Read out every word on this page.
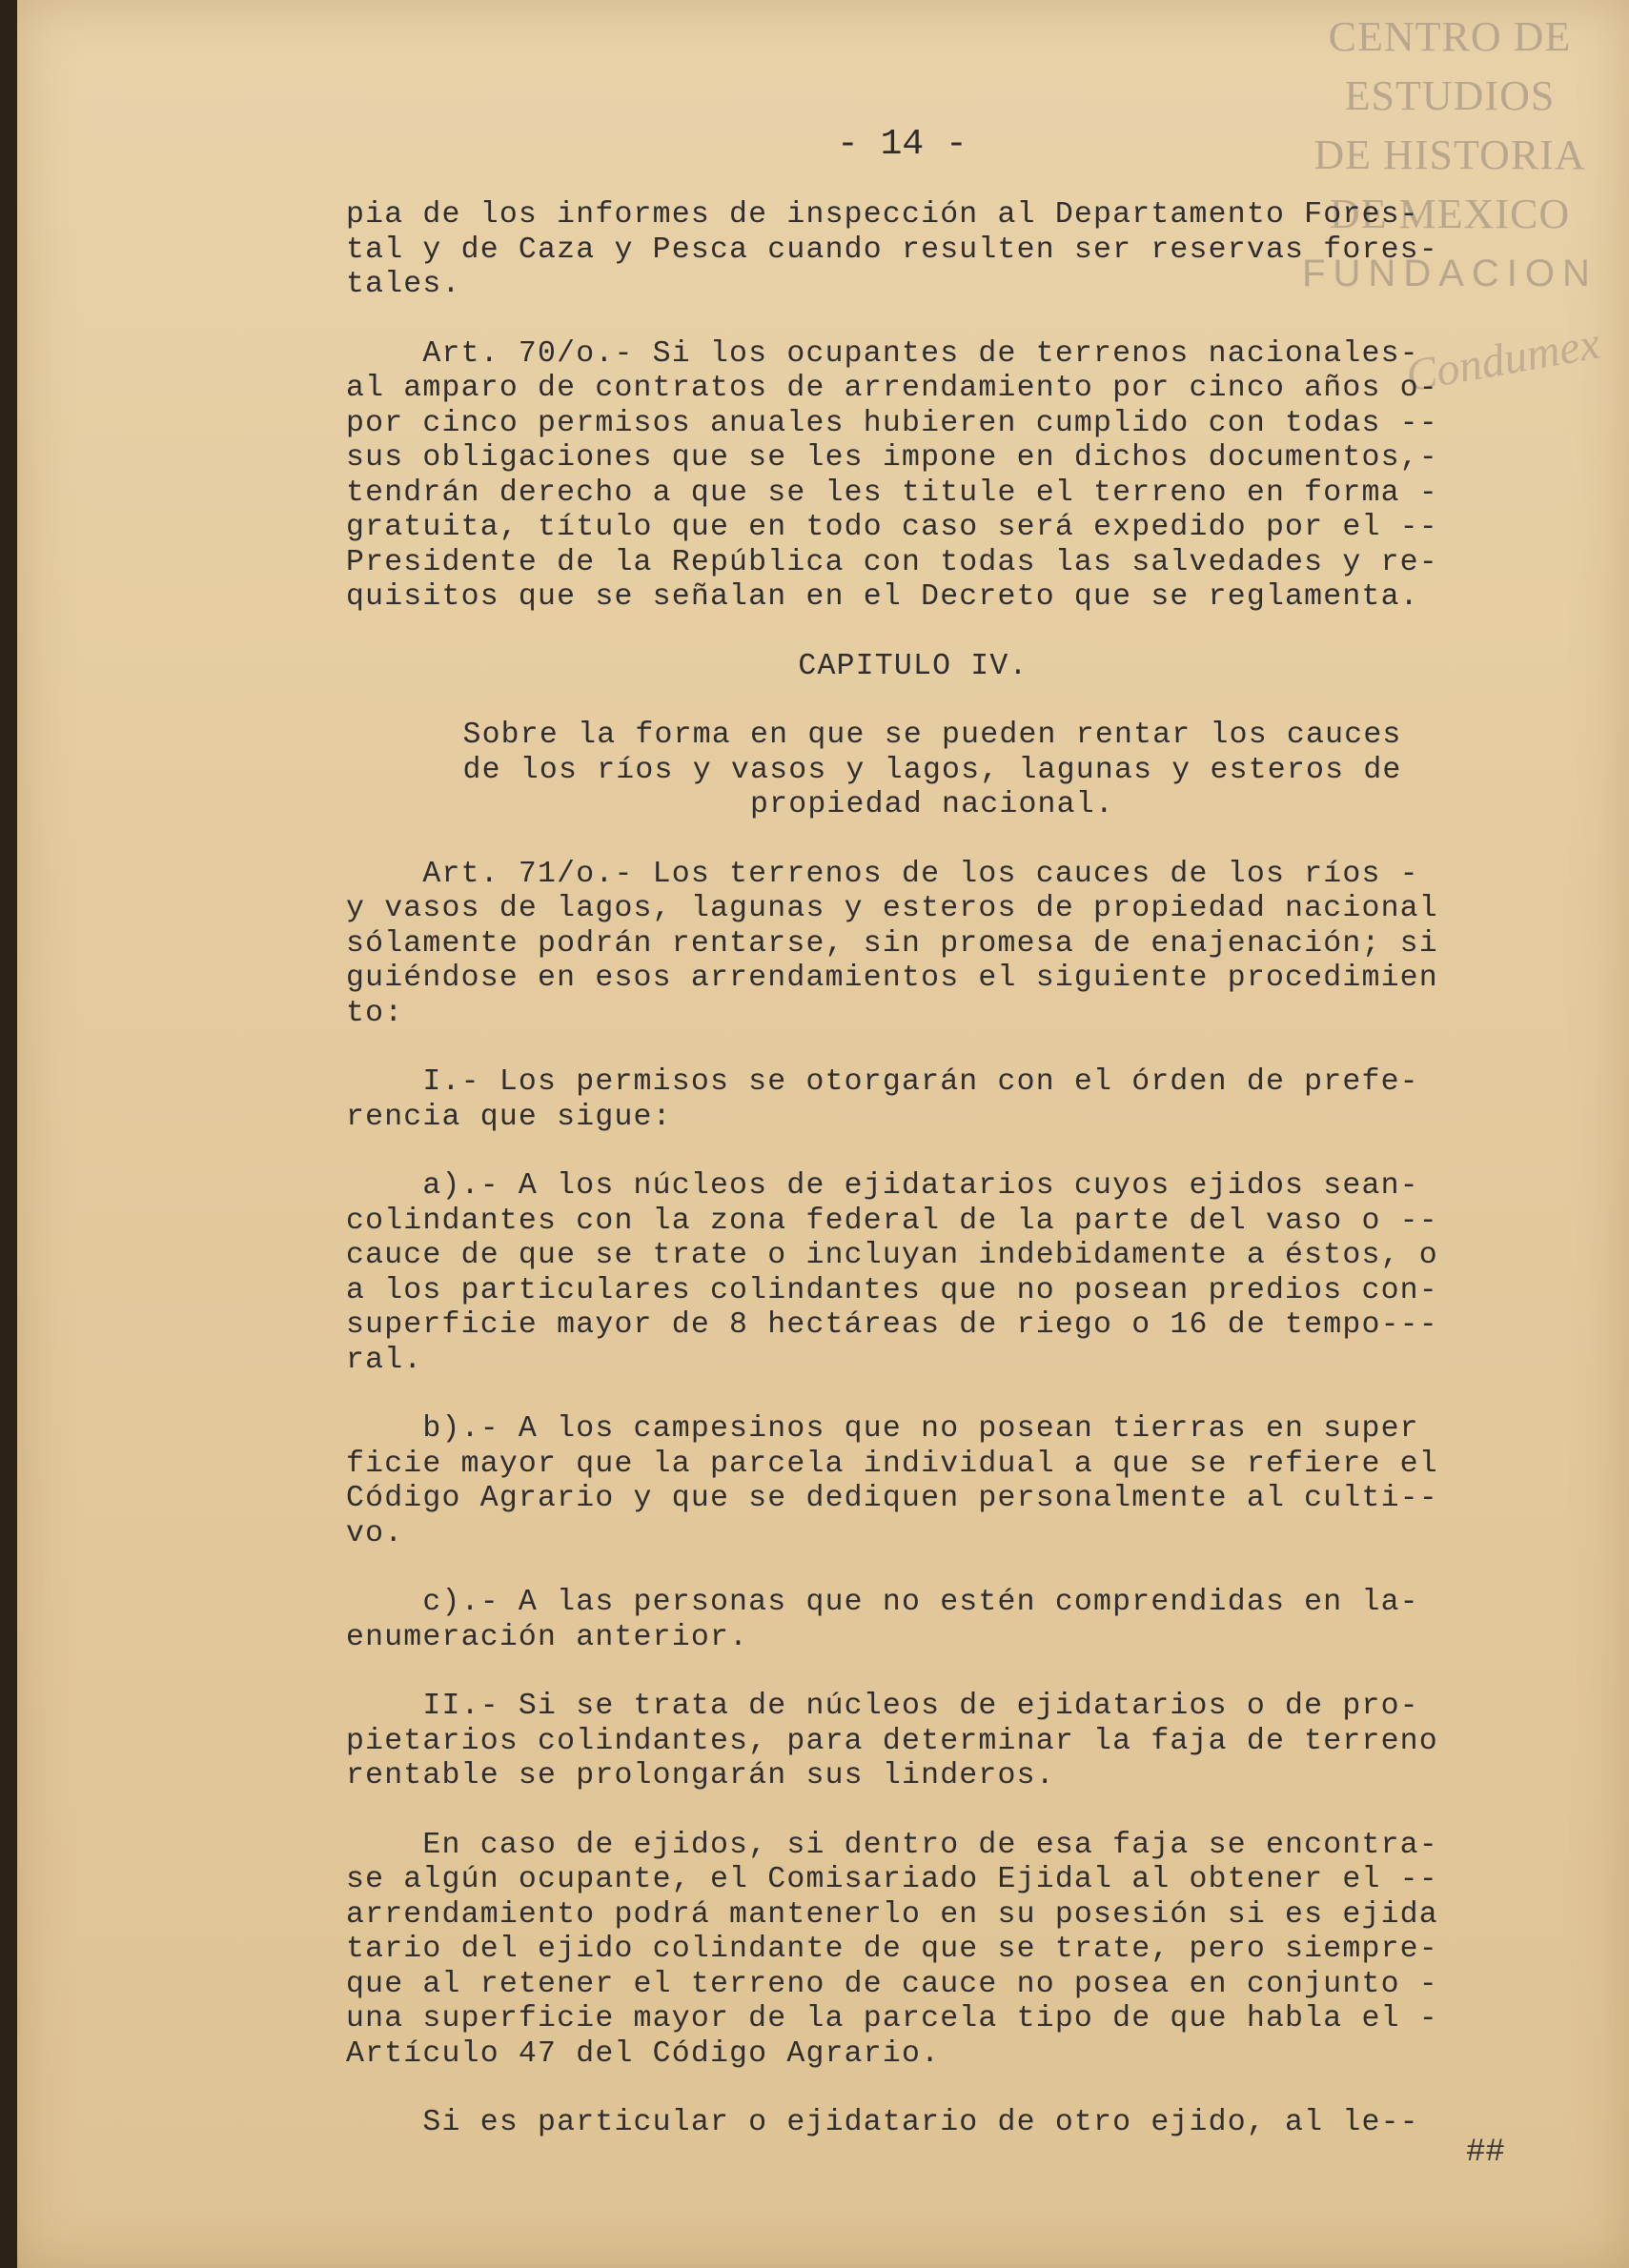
CENTRO DE
ESTUDIOS
DE HISTORIA
DE MEXICO
FUNDACION
Condumex
- 14 -

pia de los informes de inspección al Departamento Fores-
tal y de Caza y Pesca cuando resulten ser reservas fores-
tales.

Art. 70/o.- Si los ocupantes de terrenos nacionales-
al amparo de contratos de arrendamiento por cinco años o-
por cinco permisos anuales hubieren cumplido con todas --
sus obligaciones que se les impone en dichos documentos,-
tendrán derecho a que se les titule el terreno en forma -
gratuita, título que en todo caso será expedido por el --
Presidente de la República con todas las salvedades y re-
quisitos que se señalan en el Decreto que se reglamenta.

CAPITULO IV.

Sobre la forma en que se pueden rentar los cauces
de los ríos y vasos y lagos, lagunas y esteros de
propiedad nacional.

Art. 71/o.- Los terrenos de los cauces de los ríos -
y vasos de lagos, lagunas y esteros de propiedad nacional
sólamente podrán rentarse, sin promesa de enajenación; si
guiéndose en esos arrendamientos el siguiente procedimien
to:

I.- Los permisos se otorgarán con el órden de prefe-
rencia que sigue:

a).- A los núcleos de ejidatarios cuyos ejidos sean-
colindantes con la zona federal de la parte del vaso o --
cauce de que se trate o incluyan indebidamente a éstos, o
a los particulares colindantes que no posean predios con-
superficie mayor de 8 hectáreas de riego o 16 de tempo---
ral.

b).- A los campesinos que no posean tierras en super
ficie mayor que la parcela individual a que se refiere el
Código Agrario y que se dediquen personalmente al culti--
vo.

c).- A las personas que no estén comprendidas en la-
enumeración anterior.

II.- Si se trata de núcleos de ejidatarios o de pro-
pietarios colindantes, para determinar la faja de terreno
rentable se prolongarán sus linderos.

En caso de ejidos, si dentro de esa faja se encontra-
se algún ocupante, el Comisariado Ejidal al obtener el --
arrendamiento podrá mantenerlo en su posesión si es ejida
tario del ejido colindante de que se trate, pero siempre-
que al retener el terreno de cauce no posea en conjunto -
una superficie mayor de la parcela tipo de que habla el -
Artículo 47 del Código Agrario.

Si es particular o ejidatario de otro ejido, al le--

##
